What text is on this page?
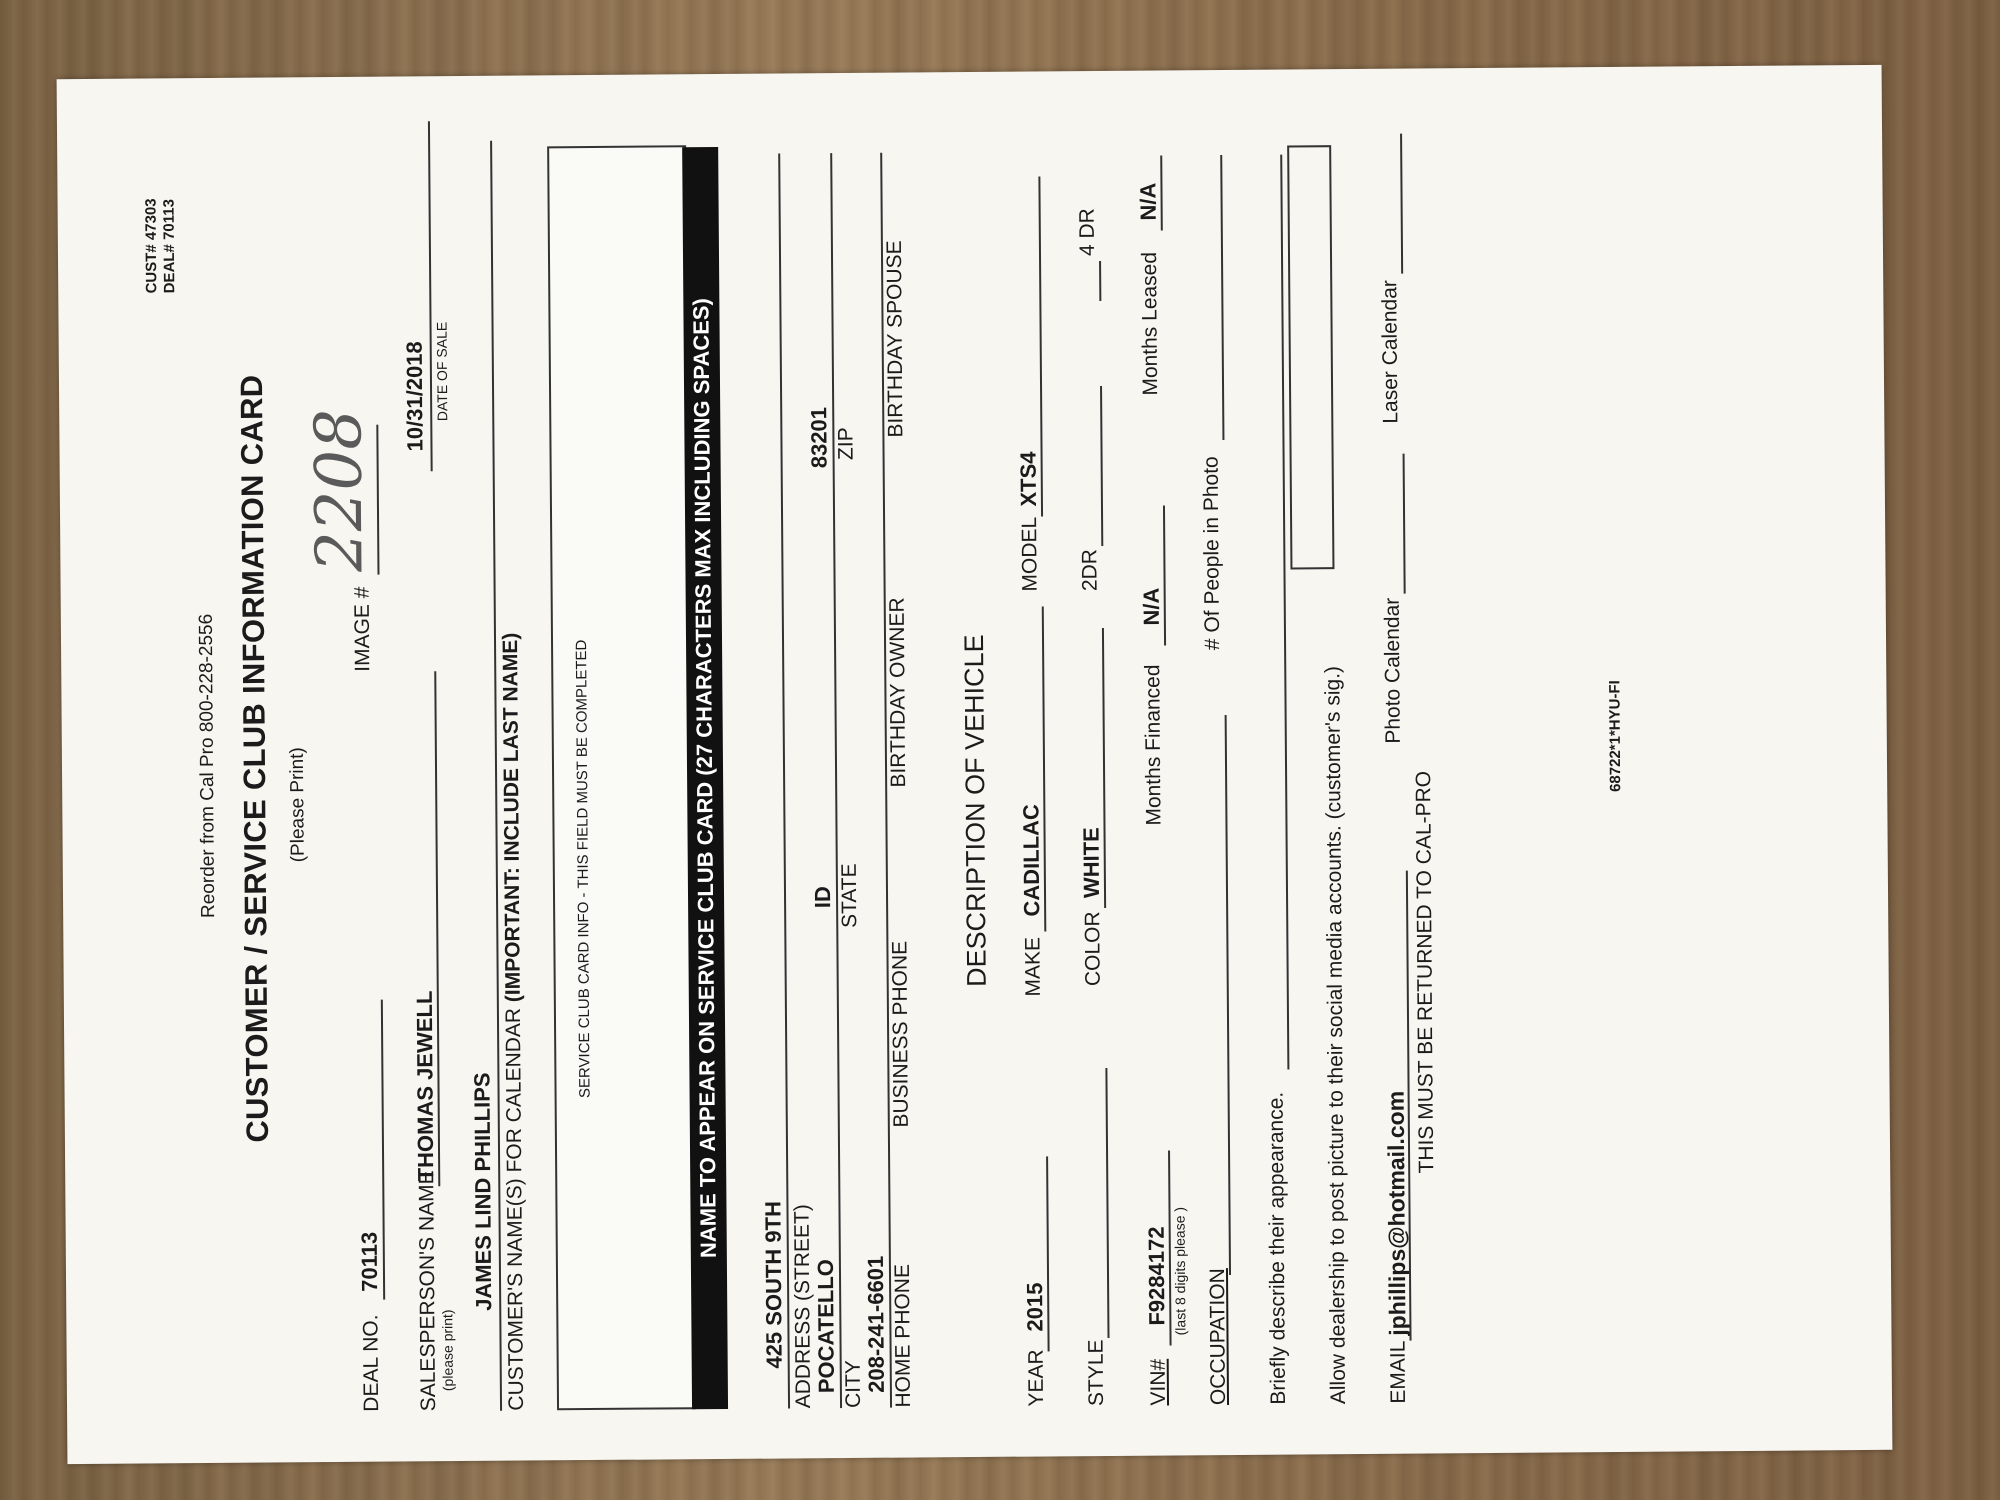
CUST# 47303 DEAL# 70113
Reorder from Cal Pro 800-228-2556 CUSTOMER / SERVICE CLUB INFORMATION CARD (Please Print)
IMAGE #
2208
DEAL NO.
70113 SALESPERSON'S NAME (please print)
THOMAS JEWELL
10/31/2018 DATE OF SALE
JAMES LIND PHILLIPS CUSTOMER'S NAME(S) FOR CALENDAR (IMPORTANT: INCLUDE LAST NAME)	SERVICE CLUB CARD INFO - THIS FIELD MUST BE COMPLETED	NAME TO APPEAR ON SERVICE CLUB CARD (27 CHARACTERS MAX INCLUDING SPACES)
425 SOUTH 9TH ADDRESS (STREET)
POCATELLO
ID
83201
CITY
STATE
ZIP
208-241-6601 HOME PHONE
BUSINESS PHONE
BIRTHDAY OWNER
BIRTHDAY SPOUSE
DESCRIPTION OF VEHICLE
YEAR
2015
MAKE
CADILLAC
MODEL
XTS4
STYLE
COLOR
WHITE
2DR
4 DR
VIN#
F9284172 (last 8 digits please )
Months Financed
N/A
Months Leased
N/A
OCCUPATION
# Of People in Photo
Briefly describe their appearance. Allow dealership to post picture to their social media accounts. (customer's sig.) EMAIL
jphillips@hotmail.com
Photo Calendar
Laser Calendar
THIS MUST BE RETURNED TO CAL-PRO
68722*1*HYU-FI
